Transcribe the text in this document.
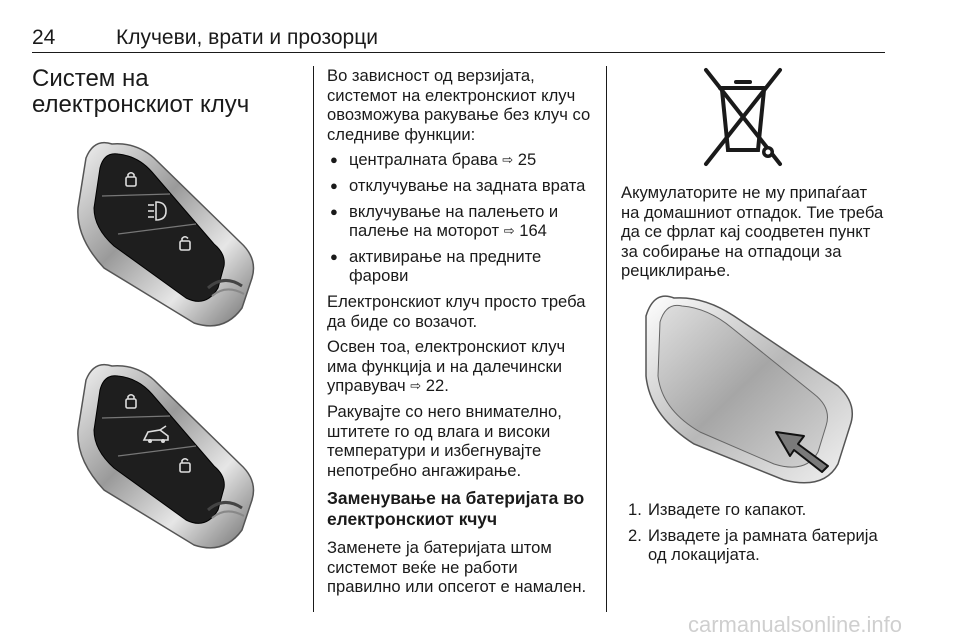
24	Клучеви, врати и прозорци
Систем на електронскиот клуч

Во зависност од верзијата, системот на електронскиот клуч овозможува ракување без клуч со следниве функции:

● централната брава ⇨ 25
● отклучување на задната врата
● вклучување на палењето и палење на моторот ⇨ 164
● активирање на предните фарови

Електронскиот клуч просто треба да биде со возачот.

Освен тоа, електронскиот клуч има функција и на далечински управувач ⇨ 22.

Ракувајте со него внимателно, штитете го од влага и високи температури и избегнувајте непотребно ангажирање.

Заменување на батеријата во електронскиот кчуч

Заменете ја батеријата штом системот веќе не работи правилно или опсегот е намален.

Акумулаторите не му припаѓаат на домашниот отпадок. Тие треба да се фрлат кај соодветен пункт за собирање на отпадоци за рециклирање.

1. Извадете го капакот.
2. Извадете ја рамната батерија од локацијата.
carmanualsonline.info
